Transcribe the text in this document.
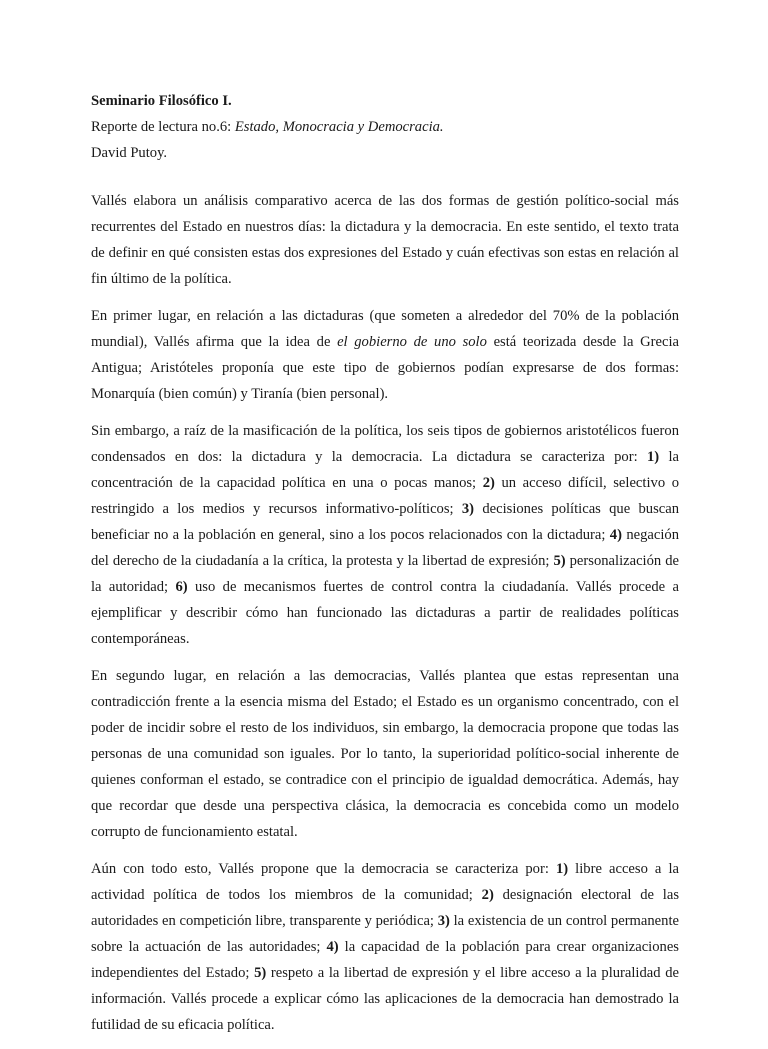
Seminario Filosófico I.

Reporte de lectura no.6: Estado, Monocracia y Democracia.

David Putoy.

Vallés elabora un análisis comparativo acerca de las dos formas de gestión político-social más recurrentes del Estado en nuestros días: la dictadura y la democracia. En este sentido, el texto trata de definir en qué consisten estas dos expresiones del Estado y cuán efectivas son estas en relación al fin último de la política.

En primer lugar, en relación a las dictaduras (que someten a alrededor del 70% de la población mundial), Vallés afirma que la idea de el gobierno de uno solo está teorizada desde la Grecia Antigua; Aristóteles proponía que este tipo de gobiernos podían expresarse de dos formas: Monarquía (bien común) y Tiranía (bien personal).

Sin embargo, a raíz de la masificación de la política, los seis tipos de gobiernos aristotélicos fueron condensados en dos: la dictadura y la democracia. La dictadura se caracteriza por: 1) la concentración de la capacidad política en una o pocas manos; 2) un acceso difícil, selectivo o restringido a los medios y recursos informativo-políticos; 3) decisiones políticas que buscan beneficiar no a la población en general, sino a los pocos relacionados con la dictadura; 4) negación del derecho de la ciudadanía a la crítica, la protesta y la libertad de expresión; 5) personalización de la autoridad; 6) uso de mecanismos fuertes de control contra la ciudadanía. Vallés procede a ejemplificar y describir cómo han funcionado las dictaduras a partir de realidades políticas contemporáneas.

En segundo lugar, en relación a las democracias, Vallés plantea que estas representan una contradicción frente a la esencia misma del Estado; el Estado es un organismo concentrado, con el poder de incidir sobre el resto de los individuos, sin embargo, la democracia propone que todas las personas de una comunidad son iguales. Por lo tanto, la superioridad político-social inherente de quienes conforman el estado, se contradice con el principio de igualdad democrática. Además, hay que recordar que desde una perspectiva clásica, la democracia es concebida como un modelo corrupto de funcionamiento estatal.

Aún con todo esto, Vallés propone que la democracia se caracteriza por: 1) libre acceso a la actividad política de todos los miembros de la comunidad; 2) designación electoral de las autoridades en competición libre, transparente y periódica; 3) la existencia de un control permanente sobre la actuación de las autoridades; 4) la capacidad de la población para crear organizaciones independientes del Estado; 5) respeto a la libertad de expresión y el libre acceso a la pluralidad de información. Vallés procede a explicar cómo las aplicaciones de la democracia han demostrado la futilidad de su eficacia política.
